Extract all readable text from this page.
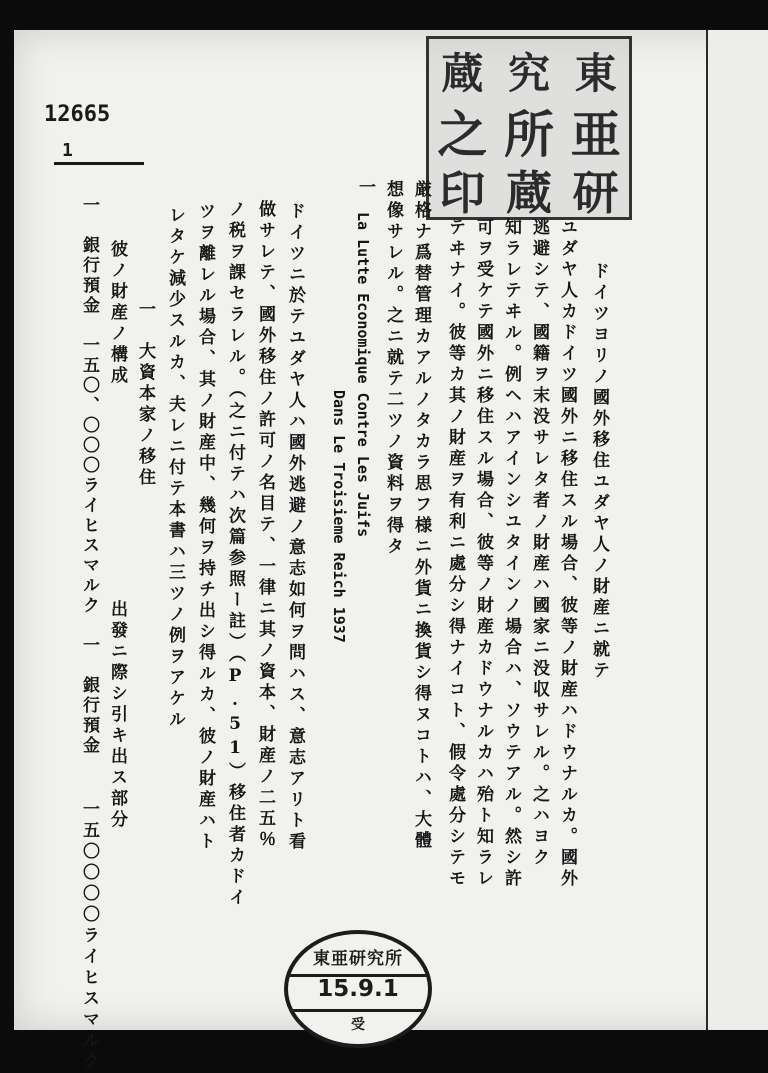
12665
1
蔵 究 東
之 所 亜
印 蔵 研
ドイツヨリノ國外移住ユダヤ人ノ財産ニ就テ
ユダヤ人カドイツ國外ニ移住スル場合、彼等ノ財産ハドウナルカ。國外
逃避シテ、國籍ヲ末没サレタ者ノ財産ハ國家ニ没収サレル。之ハヨク
知ラレテヰル。例ヘハアインシユタインノ場合ハ、ソウテアル。然シ許
可ヲ受ケテ國外ニ移住スル場合、彼等ノ財産カドウナルカハ殆ト知ラレ
テヰナイ。彼等カ其ノ財産ヲ有利ニ處分シ得ナイコト、假令處分シテモ
厳格ナ爲替管理カアルノタカラ思フ様ニ外貨ニ換貨シ得ヌコトハ、大體
想像サレル。之ニ就テ二ツノ資料ヲ得タ
一
La Lutte Economique Contre Les Juifs
Dans Le Troisieme Reich 1937
ドイツニ於テユダヤ人ハ國外逃避ノ意志如何ヲ問ハス、意志アリト看
做サレテ、國外移住ノ許可ノ名目テ、一律ニ其ノ資本、財産ノ二五％
ノ税ヲ課セラレル。（之ニ付テハ次篇参照ー註）（P.51）移住者カドイ
ツヲ離レル場合、其ノ財産中、幾何ヲ持チ出シ得ルカ、彼ノ財産ハト
レタケ減少スルカ、夫レニ付テ本書ハ三ツノ例ヲアケル
一　大資本家ノ移住
彼ノ財産ノ構成
一　銀行預金　一五〇、〇〇〇ライヒスマルク　一　銀行預金 出發ニ際シ引キ出ス部分
一五〇〇〇〇ライヒスマルク	東亜研究所
15.9.1
受
